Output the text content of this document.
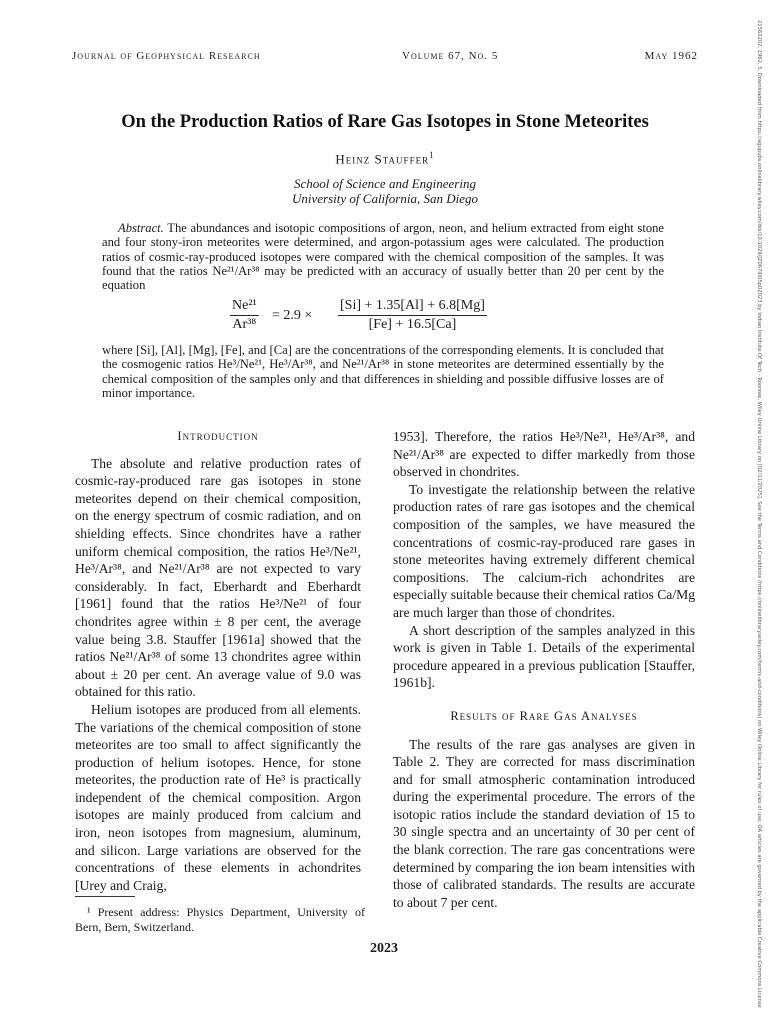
Journal of Geophysical Research	Volume 67, No. 5	May 1962
On the Production Ratios of Rare Gas Isotopes in Stone Meteorites
Heinz Stauffer$^1$
School of Science and Engineering
University of California, San Diego
Abstract. The abundances and isotopic compositions of argon, neon, and helium extracted from eight stone and four stony-iron meteorites were determined, and argon-potassium ages were calculated. The production ratios of cosmic-ray-produced isotopes were compared with the chemical composition of the samples. It was found that the ratios Ne²¹/Ar³⁸ may be predicted with an accuracy of usually better than 20 per cent by the equation
$\frac{\text{Ne²¹}}{\text{Ar³⁸}} = 2.9 \times \frac{[Si] + 1.35[Al] + 6.8[Mg]}{[Fe] + 16.5[Ca]}$
where [Si], [Al], [Mg], [Fe], and [Ca] are the concentrations of the corresponding elements. It is concluded that the cosmogenic ratios He³/Ne²¹, He³/Ar³⁸, and Ne²¹/Ar³⁸ in stone meteorites are determined essentially by the chemical composition of the samples only and that differences in shielding and possible diffusive losses are of minor importance.

Introduction

The absolute and relative production rates of cosmic-ray-produced rare gas isotopes in stone meteorites depend on their chemical composition, on the energy spectrum of cosmic radiation, and on shielding effects. Since chondrites have a rather uniform chemical composition, the ratios He³/Ne²¹, He³/Ar³⁸, and Ne²¹/Ar³⁸ are not expected to vary considerably. In fact, Eberhardt and Eberhardt [1961] found that the ratios He³/Ne²¹ of four chondrites agree within ± 8 per cent, the average value being 3.8. Stauffer [1961a] showed that the ratios Ne²¹/Ar³⁸ of some 13 chondrites agree within about ± 20 per cent. An average value of 9.0 was obtained for this ratio.

Helium isotopes are produced from all elements. The variations of the chemical composition of stone meteorites are too small to affect significantly the production of helium isotopes. Hence, for stone meteorites, the production rate of He³ is practically independent of the chemical composition. Argon isotopes are mainly produced from calcium and iron, neon isotopes from magnesium, aluminum, and silicon. Large variations are observed for the concentrations of these elements in achondrites [Urey and Craig,

1953]. Therefore, the ratios He³/Ne²¹, He³/Ar³⁸, and Ne²¹/Ar³⁸ are expected to differ markedly from those observed in chondrites.

To investigate the relationship between the relative production rates of rare gas isotopes and the chemical composition of the samples, we have measured the concentrations of cosmic-ray-produced rare gases in stone meteorites having extremely different chemical compositions. The calcium-rich achondrites are especially suitable because their chemical ratios Ca/Mg are much larger than those of chondrites.

A short description of the samples analyzed in this work is given in Table 1. Details of the experimental procedure appeared in a previous publication [Stauffer, 1961b].

Results of Rare Gas Analyses

The results of the rare gas analyses are given in Table 2. They are corrected for mass discrimination and for small atmospheric contamination introduced during the experimental procedure. The errors of the isotopic ratios include the standard deviation of 15 to 30 single spectra and an uncertainty of 30 per cent of the blank correction. The rare gas concentrations were determined by comparing the ion beam intensities with those of calibrated standards. The results are accurate to about 7 per cent.

¹ Present address: Physics Department, University of Bern, Bern, Switzerland.
2023	21562202, 1962, 5, Downloaded from https://agupubs.onlinelibrary.wiley.com/doi/10.1029/JZ067i005p02023 by Indian Institute Of Tech - Roorkee, Wiley Online Library on [02/11/2025]. See the Terms and Conditions (https://onlinelibrary.wiley.com/terms-and-conditions) on Wiley Online Library for rules of use; OA articles are governed by the applicable Creative Commons License
